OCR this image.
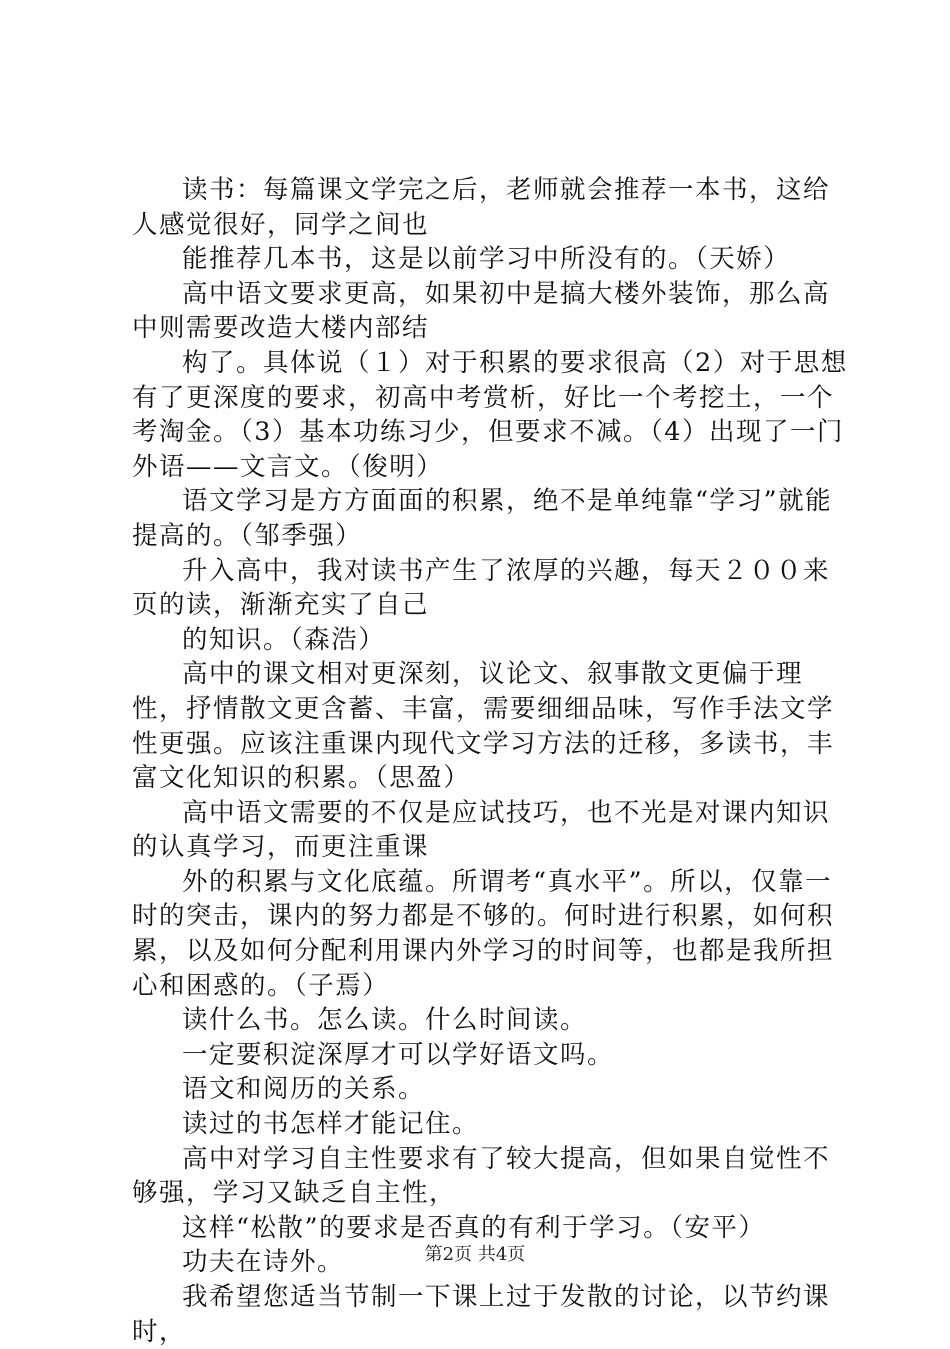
读书：每篇课文学完之后，老师就会推荐一本书，这给人感觉很好，同学之间也

能推荐几本书，这是以前学习中所没有的。（天娇）

高中语文要求更高，如果初中是搞大楼外装饰，那么高中则需要改造大楼内部结

构了。具体说（１）对于积累的要求很高（2）对于思想有了更深度的要求，初高中考赏析，好比一个考挖土，一个考淘金。（3）基本功练习少，但要求不减。（4）出现了一门外语——文言文。（俊明）

语文学习是方方面面的积累，绝不是单纯靠“学习”就能提高的。（邹季强）

升入高中，我对读书产生了浓厚的兴趣，每天２００来页的读，渐渐充实了自己

的知识。（森浩）

高中的课文相对更深刻，议论文、叙事散文更偏于理性，抒情散文更含蓄、丰富，需要细细品味，写作手法文学性更强。应该注重课内现代文学习方法的迁移，多读书，丰富文化知识的积累。（思盈）

高中语文需要的不仅是应试技巧，也不光是对课内知识的认真学习，而更注重课

外的积累与文化底蕴。所谓考“真水平”。所以，仅靠一时的突击，课内的努力都是不够的。何时进行积累，如何积累，以及如何分配利用课内外学习的时间等，也都是我所担心和困惑的。（子焉）

读什么书。怎么读。什么时间读。

一定要积淀深厚才可以学好语文吗。

语文和阅历的关系。

读过的书怎样才能记住。

高中对学习自主性要求有了较大提高，但如果自觉性不够强，学习又缺乏自主性，

这样“松散”的要求是否真的有利于学习。（安平）

功夫在诗外。

我希望您适当节制一下课上过于发散的讨论，以节约课时，

第2页 共4页
